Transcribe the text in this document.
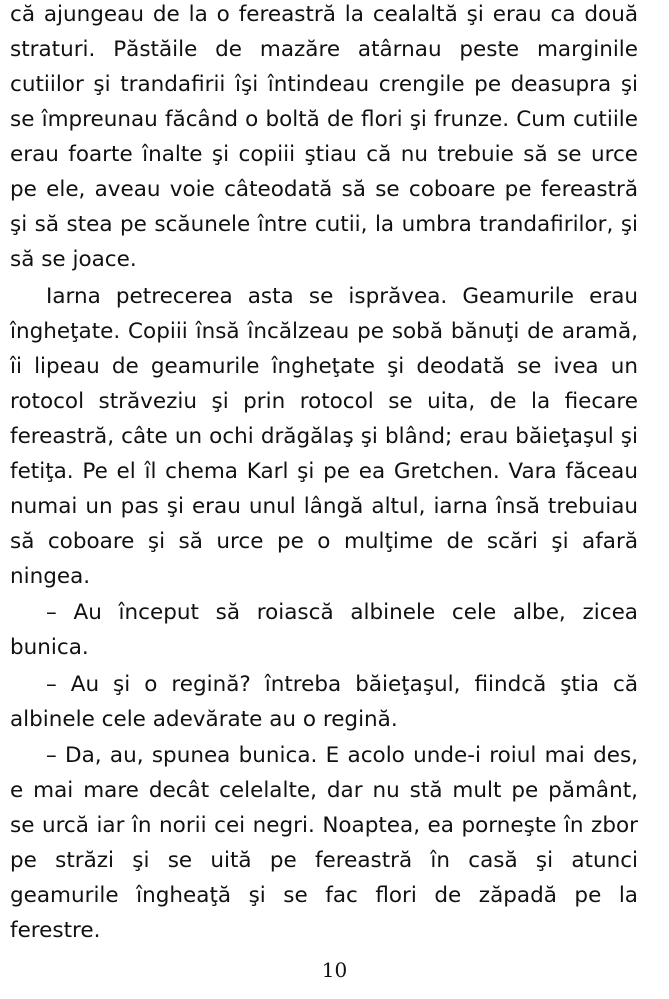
că ajungeau de la o fereastră la cealaltă şi erau ca două straturi. Păstăile de mazăre atârnau peste marginile cutiilor şi trandafirii îşi întindeau crengile pe deasupra şi se împreunau făcând o boltă de flori şi frunze. Cum cutiile erau foarte înalte şi copiii ştiau că nu trebuie să se urce pe ele, aveau voie câteodată să se coboare pe fereastră şi să stea pe scăunele între cutii, la umbra trandafirilor, şi să se joace.

Iarna petrecerea asta se isprăvea. Geamurile erau îngheţate. Copiii însă încălzeau pe sobă bănuţi de aramă, îi lipeau de geamurile îngheţate şi deodată se ivea un rotocol străveziu şi prin rotocol se uita, de la fiecare fereastră, câte un ochi drăgălaş şi blând; erau băieţaşul şi fetiţa. Pe el îl chema Karl şi pe ea Gretchen. Vara făceau numai un pas şi erau unul lângă altul, iarna însă trebuiau să coboare şi să urce pe o mulţime de scări şi afară ningea.

– Au început să roiască albinele cele albe, zicea bunica.

– Au şi o regină? întreba băieţaşul, fiindcă ştia că albinele cele adevărate au o regină.

– Da, au, spunea bunica. E acolo unde-i roiul mai des, e mai mare decât celelalte, dar nu stă mult pe pământ, se urcă iar în norii cei negri. Noaptea, ea porneşte în zbor pe străzi şi se uită pe fereastră în casă şi atunci geamurile îngheaţă şi se fac flori de zăpadă pe la ferestre.

10
